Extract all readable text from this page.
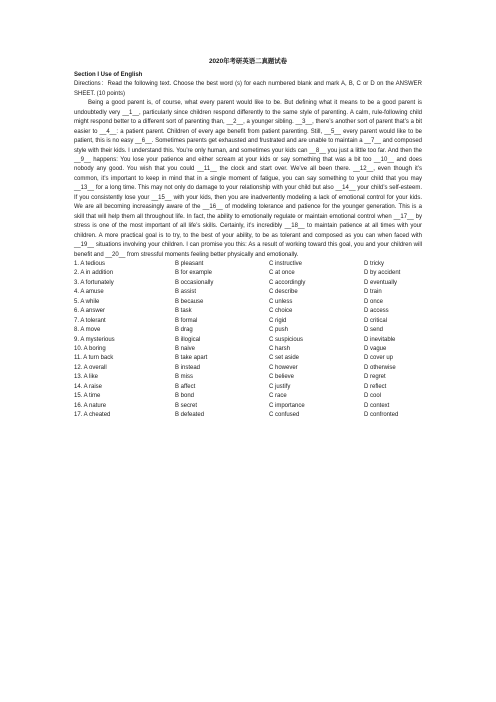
2020年考研英语二真题试卷
Section I Use of English

Directions：Read the following text. Choose the best word (s) for each numbered blank and mark A, B, C or D on the ANSWER SHEET. (10 points)

Being a good parent is, of course, what every parent would like to be. But defining what it means to be a good parent is undoubtedly very __1__, particularly since children respond differently to the same style of parenting. A calm, rule-following child might respond better to a different sort of parenting than, __2__, a younger sibling. __3__, there’s another sort of parent that’s a bit easier to __4__: a patient parent. Children of every age benefit from patient parenting. Still, __5__ every parent would like to be patient, this is no easy __6__. Sometimes parents get exhausted and frustrated and are unable to maintain a __7__ and composed style with their kids. I understand this. You’re only human, and sometimes your kids can __8__ you just a little too far. And then the __9__ happens: You lose your patience and either scream at your kids or say something that was a bit too __10__ and does nobody any good. You wish that you could __11__ the clock and start over. We’ve all been there. __12__, even though it’s common, it’s important to keep in mind that in a single moment of fatigue, you can say something to your child that you may __13__ for a long time. This may not only do damage to your relationship with your child but also __14__ your child’s self-esteem. If you consistently lose your __15__ with your kids, then you are inadvertently modeling a lack of emotional control for your kids. We are all becoming increasingly aware of the __16__ of modeling tolerance and patience for the younger generation. This is a skill that will help them all throughout life. In fact, the ability to emotionally regulate or maintain emotional control when __17__ by stress is one of the most important of all life’s skills. Certainly, it’s incredibly __18__ to maintain patience at all times with your children. A more practical goal is to try, to the best of your ability, to be as tolerant and composed as you can when faced with __19__ situations involving your children. I can promise you this: As a result of working toward this goal, you and your children will benefit and __20__ from stressful moments feeling better physically and emotionally.

1. A tedious	B pleasant	C instructive	D tricky
2. A in addition	B for example	C at once	D by accident
3. A fortunately	B occasionally	C accordingly	D eventually
4. A amuse	B assist	C describe	D train
5. A while	B because	C unless	D once
6. A answer	B task	C choice	D access
7. A tolerant	B formal	C rigid	D critical
8. A move	B drag	C push	D send
9. A mysterious	B illogical	C suspicious	D inevitable
10. A boring	B naive	C harsh	D vague
11. A turn back	B take apart	C set aside	D cover up
12. A overall	B instead	C however	D otherwise
13. A like	B miss	C believe	D regret
14. A raise	B affect	C justify	D reflect
15. A time	B bond	C race	D cool
16. A nature	B secret	C importance	D context
17. A cheated	B defeated	C confused	D confronted
